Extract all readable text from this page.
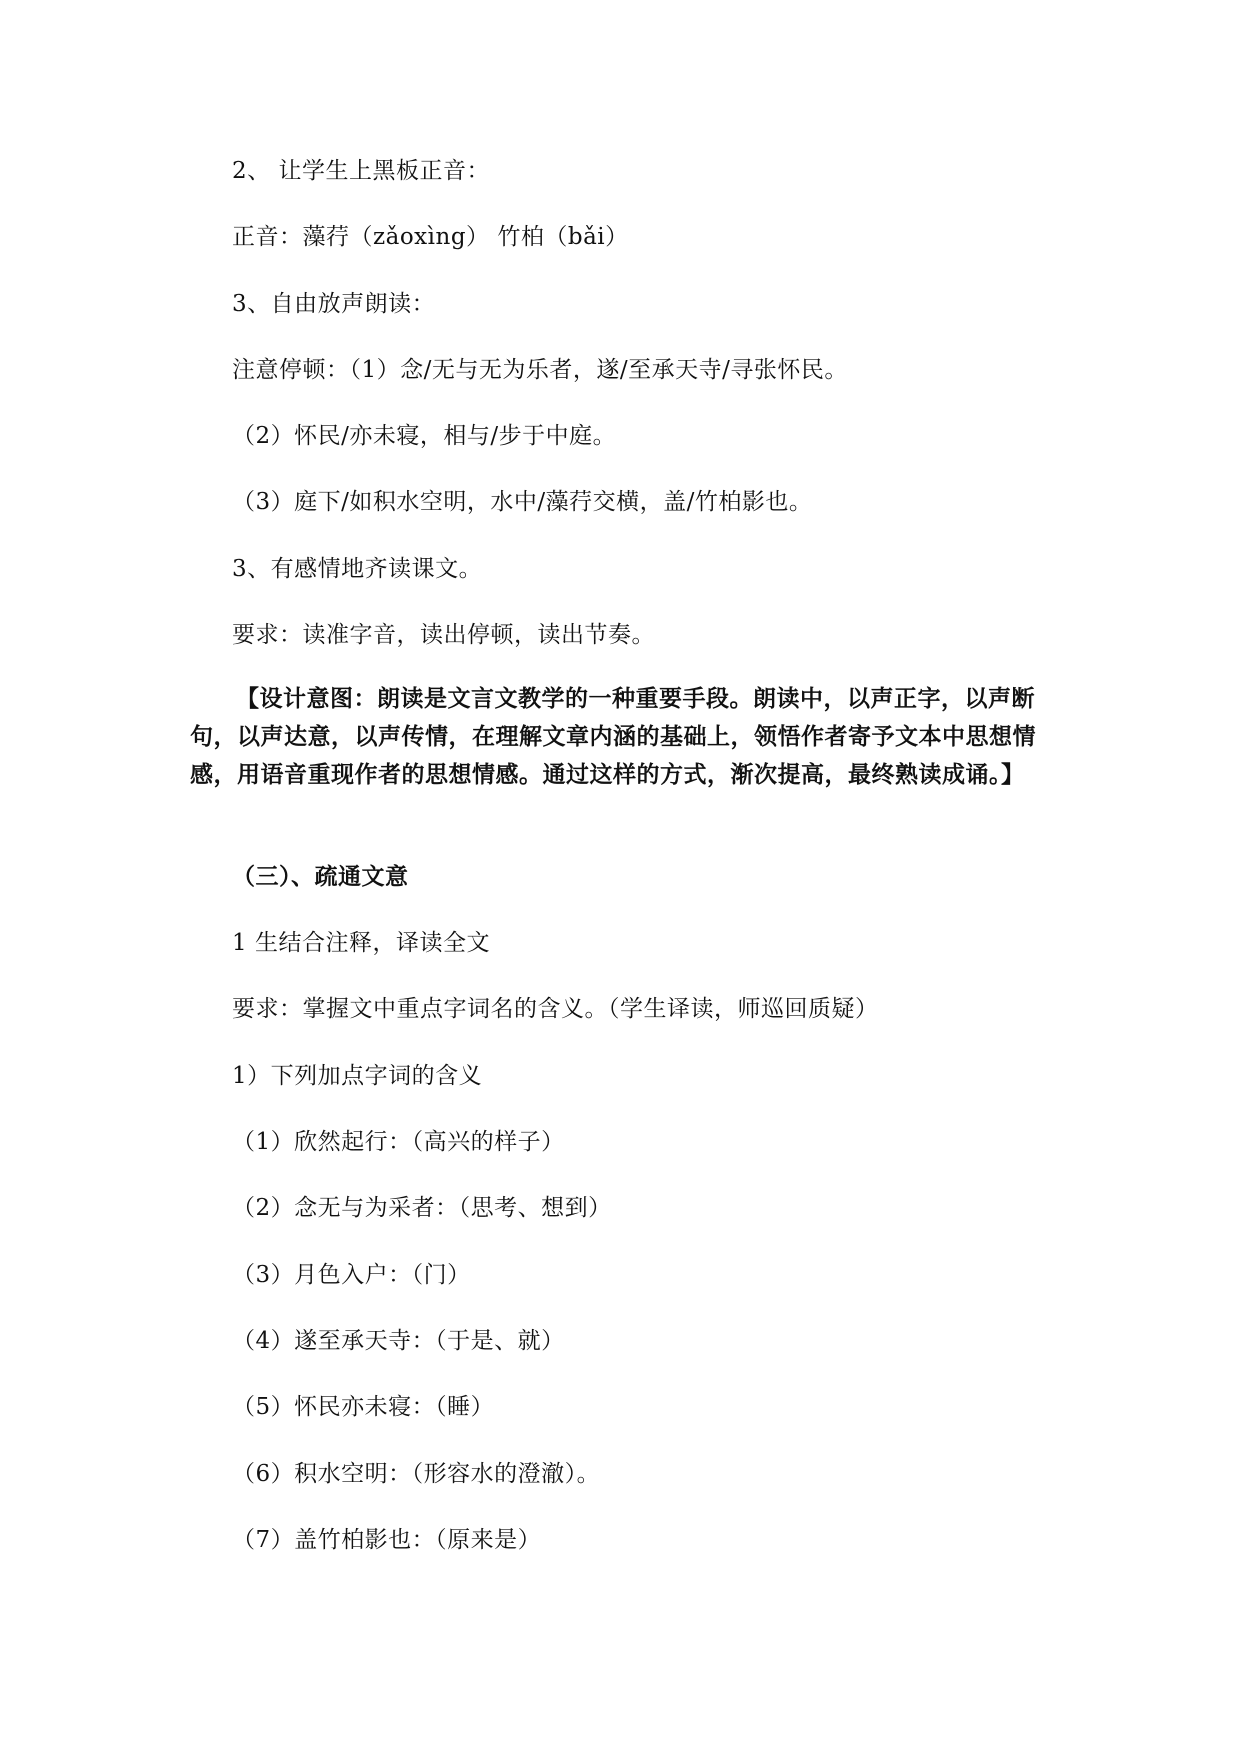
2、 让学生上黑板正音：
正音：藻荇（zǎoxìng） 竹柏（bǎi）
3、自由放声朗读：
注意停顿：（1）念/无与无为乐者，遂/至承天寺/寻张怀民。
（2）怀民/亦未寝，相与/步于中庭。
（3）庭下/如积水空明，水中/藻荇交横，盖/竹柏影也。
3、有感情地齐读课文。
要求：读准字音，读出停顿，读出节奏。
【设计意图：朗读是文言文教学的一种重要手段。朗读中，以声正字，以声断句，以声达意，以声传情，在理解文章内涵的基础上，领悟作者寄予文本中思想情感，用语音重现作者的思想情感。通过这样的方式，渐次提高，最终熟读成诵。】
（三）、疏通文意
1 生结合注释，译读全文
要求：掌握文中重点字词名的含义。（学生译读，师巡回质疑）
1）下列加点字词的含义
（1）欣然起行：（高兴的样子）
（2）念无与为采者：（思考、想到）
（3）月色入户：（门）
（4）遂至承天寺：（于是、就）
（5）怀民亦未寝：（睡）
（6）积水空明：（形容水的澄澈）。
（7）盖竹柏影也：（原来是）
